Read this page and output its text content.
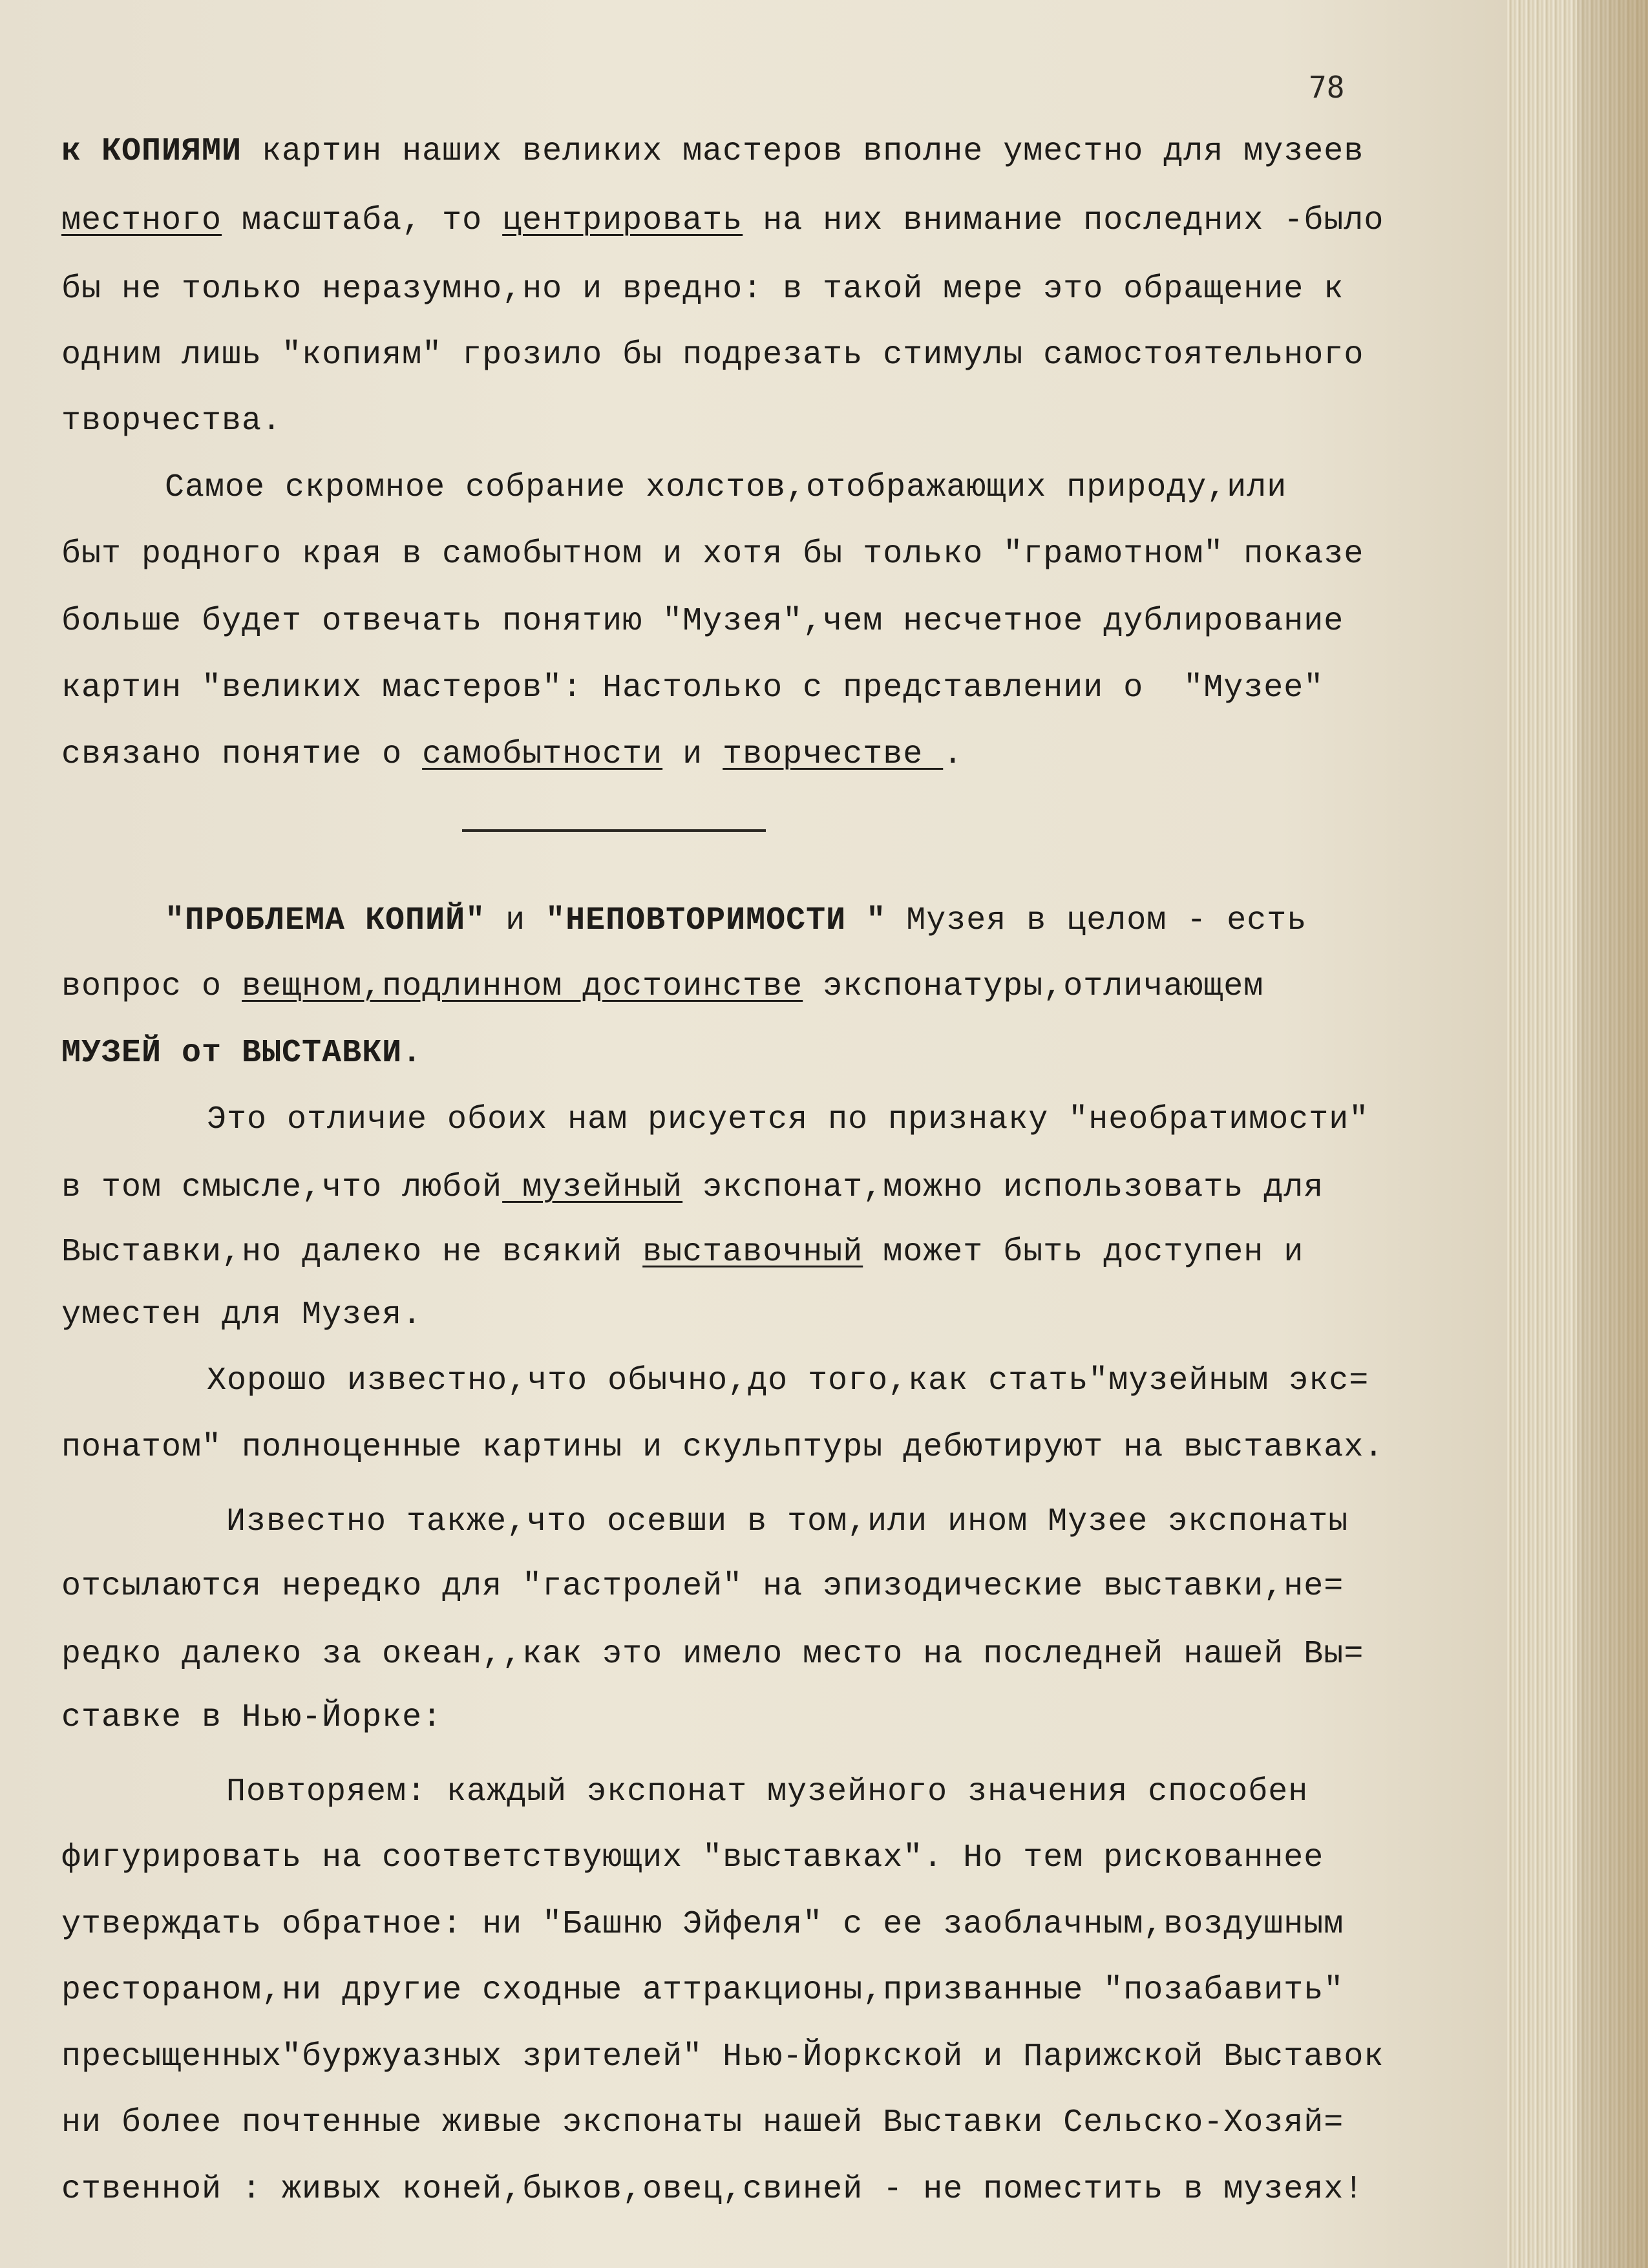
78
к КОПИЯМИ картин наших великих мастеров вполне уместно для музеев
местного масштаба, то центрировать на них внимание последних -было
бы не только неразумно,но и вредно: в такой мере это обращение к
одним лишь "копиям" грозило бы подрезать стимулы самостоятельного
творчества.
Самое скромное собрание холстов,отображающих природу,или
быт родного края в самобытном и хотя бы только "грамотном" показе
больше будет отвечать понятию "Музея",чем несчетное дублирование
картин "великих мастеров": Настолько с представлении о  "Музее"
связано понятие о самобытности и творчестве .
"ПРОБЛЕМА КОПИЙ" и "НЕПОВТОРИМОСТИ " Музея в целом - есть
вопрос о вещном,подлинном достоинстве экспонатуры,отличающем
МУЗЕЙ от ВЫСТАВКИ.
Это отличие обоих нам рисуется по признаку "необратимости"
в том смысле,что любой музейный экспонат,можно использовать для
Выставки,но далеко не всякий выставочный может быть доступен и
уместен для Музея.
Хорошо известно,что обычно,до того,как стать"музейным экс=
понатом" полноценные картины и скульптуры дебютируют на выставках.
Известно также,что осевши в том,или ином Музее экспонаты
отсылаются нередко для "гастролей" на эпизодические выставки,не=
редко далеко за океан,,как это имело место на последней нашей Вы=
ставке в Нью-Йорке:
Повторяем: каждый экспонат музейного значения способен
фигурировать на соответствующих "выставках". Но тем рискованнее
утверждать обратное: ни "Башню Эйфеля" с ее заоблачным,воздушным
рестораном,ни другие сходные аттракционы,призванные "позабавить"
пресыщенных"буржуазных зрителей" Нью-Йоркской и Парижской Выставок
ни более почтенные живые экспонаты нашей Выставки Сельско-Хозяй=
ственной : живых коней,быков,овец,свиней - не поместить в музеях!
